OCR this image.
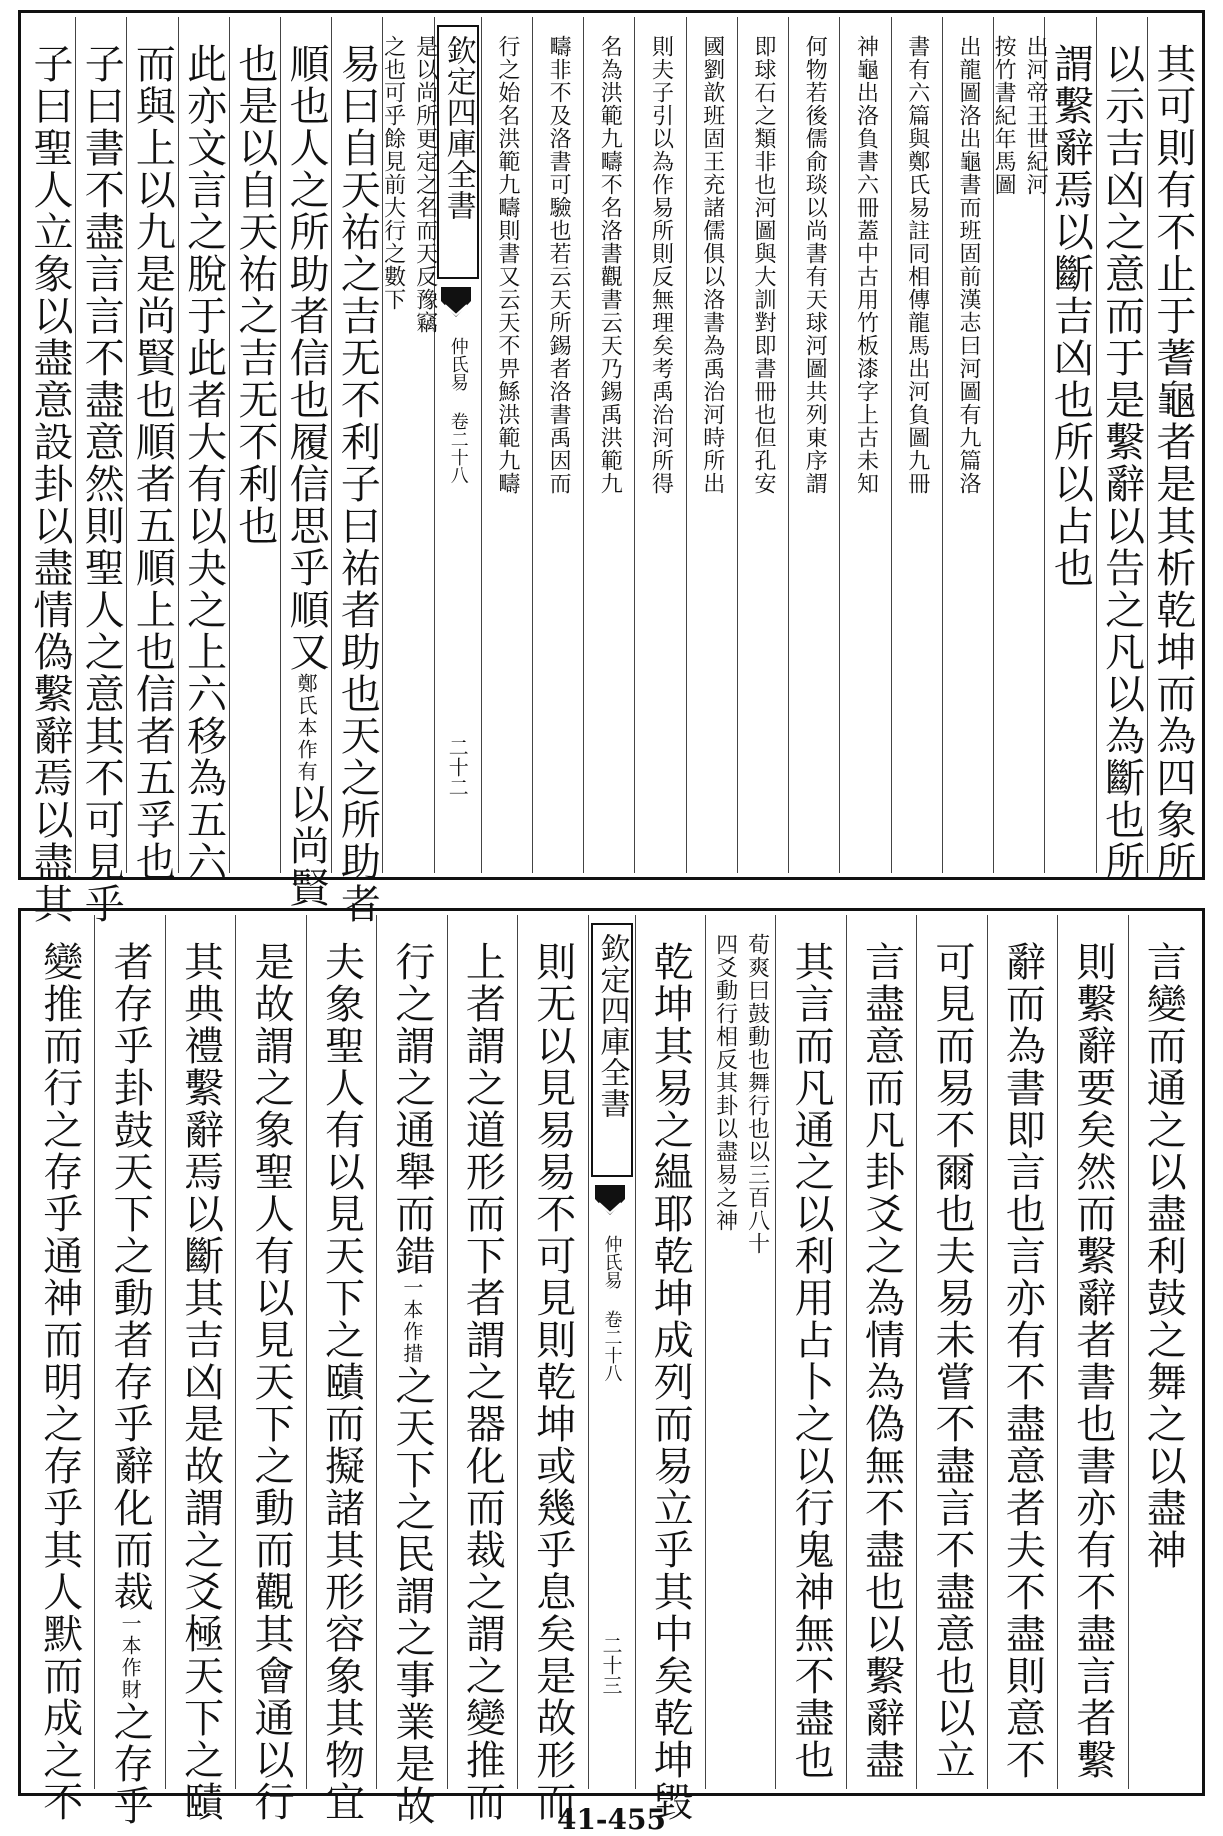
其可則有不止于蓍龜者是其析乾坤而為四象所
以示吉凶之意而于是繫辭以告之凡以為斷也所
謂繫辭焉以斷吉凶也所以占也
出河帝王世紀河
按竹書紀年馬圖
出龍圖洛出龜書而班固前漢志曰河圖有九篇洛
書有六篇與鄭氏易註同相傳龍馬出河負圖九冊
神龜出洛負書六冊蓋中古用竹板漆字上古未知
何物若後儒俞琰以尚書有天球河圖共列東序謂
即球石之類非也河圖與大訓對即書冊也但孔安
國劉歆班固王充諸儒俱以洛書為禹治河時所出
則夫子引以為作易所則反無理矣考禹治河所得
名為洪範九疇不名洛書觀書云天乃錫禹洪範九
疇非不及洛書可驗也若云天所錫者洛書禹因而
行之始名洪範九疇則書又云天不畀鯀洪範九疇
欽定四庫全書
仲氏易 卷二十八
二十二
是以尚所更定之名而天反豫竊
之也可乎餘見前大行之數下
易曰自天祐之吉无不利子曰祐者助也天之所助者
順也人之所助者信也履信思乎順又鄭氏本作有以尚賢
也是以自天祐之吉无不利也
此亦文言之脫于此者大有以夬之上六移為五六
而與上以九是尚賢也順者五順上也信者五孚也
子曰書不盡言言不盡意然則聖人之意其不可見乎
子曰聖人立象以盡意設卦以盡情偽繫辭焉以盡其
言變而通之以盡利鼓之舞之以盡神
則繫辭要矣然而繫辭者書也書亦有不盡言者繫
辭而為書即言也言亦有不盡意者夫不盡則意不
可見而易不爾也夫易未嘗不盡言不盡意也以立
言盡意而凡卦爻之為情為偽無不盡也以繫辭盡
其言而凡通之以利用占卜之以行鬼神無不盡也
荀爽曰鼓動也舞行也以三百八十
四爻動行相反其卦以盡易之神
乾坤其易之緼耶乾坤成列而易立乎其中矣乾坤毀
欽定四庫全書
仲氏易 卷二十八
二十三
則无以見易易不可見則乾坤或幾乎息矣是故形而
上者謂之道形而下者謂之器化而裁之謂之變推而
行之謂之通舉而錯一本作措之天下之民謂之事業是故
夫象聖人有以見天下之賾而擬諸其形容象其物宜
是故謂之象聖人有以見天下之動而觀其會通以行
其典禮繫辭焉以斷其吉凶是故謂之爻極天下之賾
者存乎卦鼓天下之動者存乎辭化而裁一本作財之存乎
變推而行之存乎通神而明之存乎其人默而成之不	41-455
